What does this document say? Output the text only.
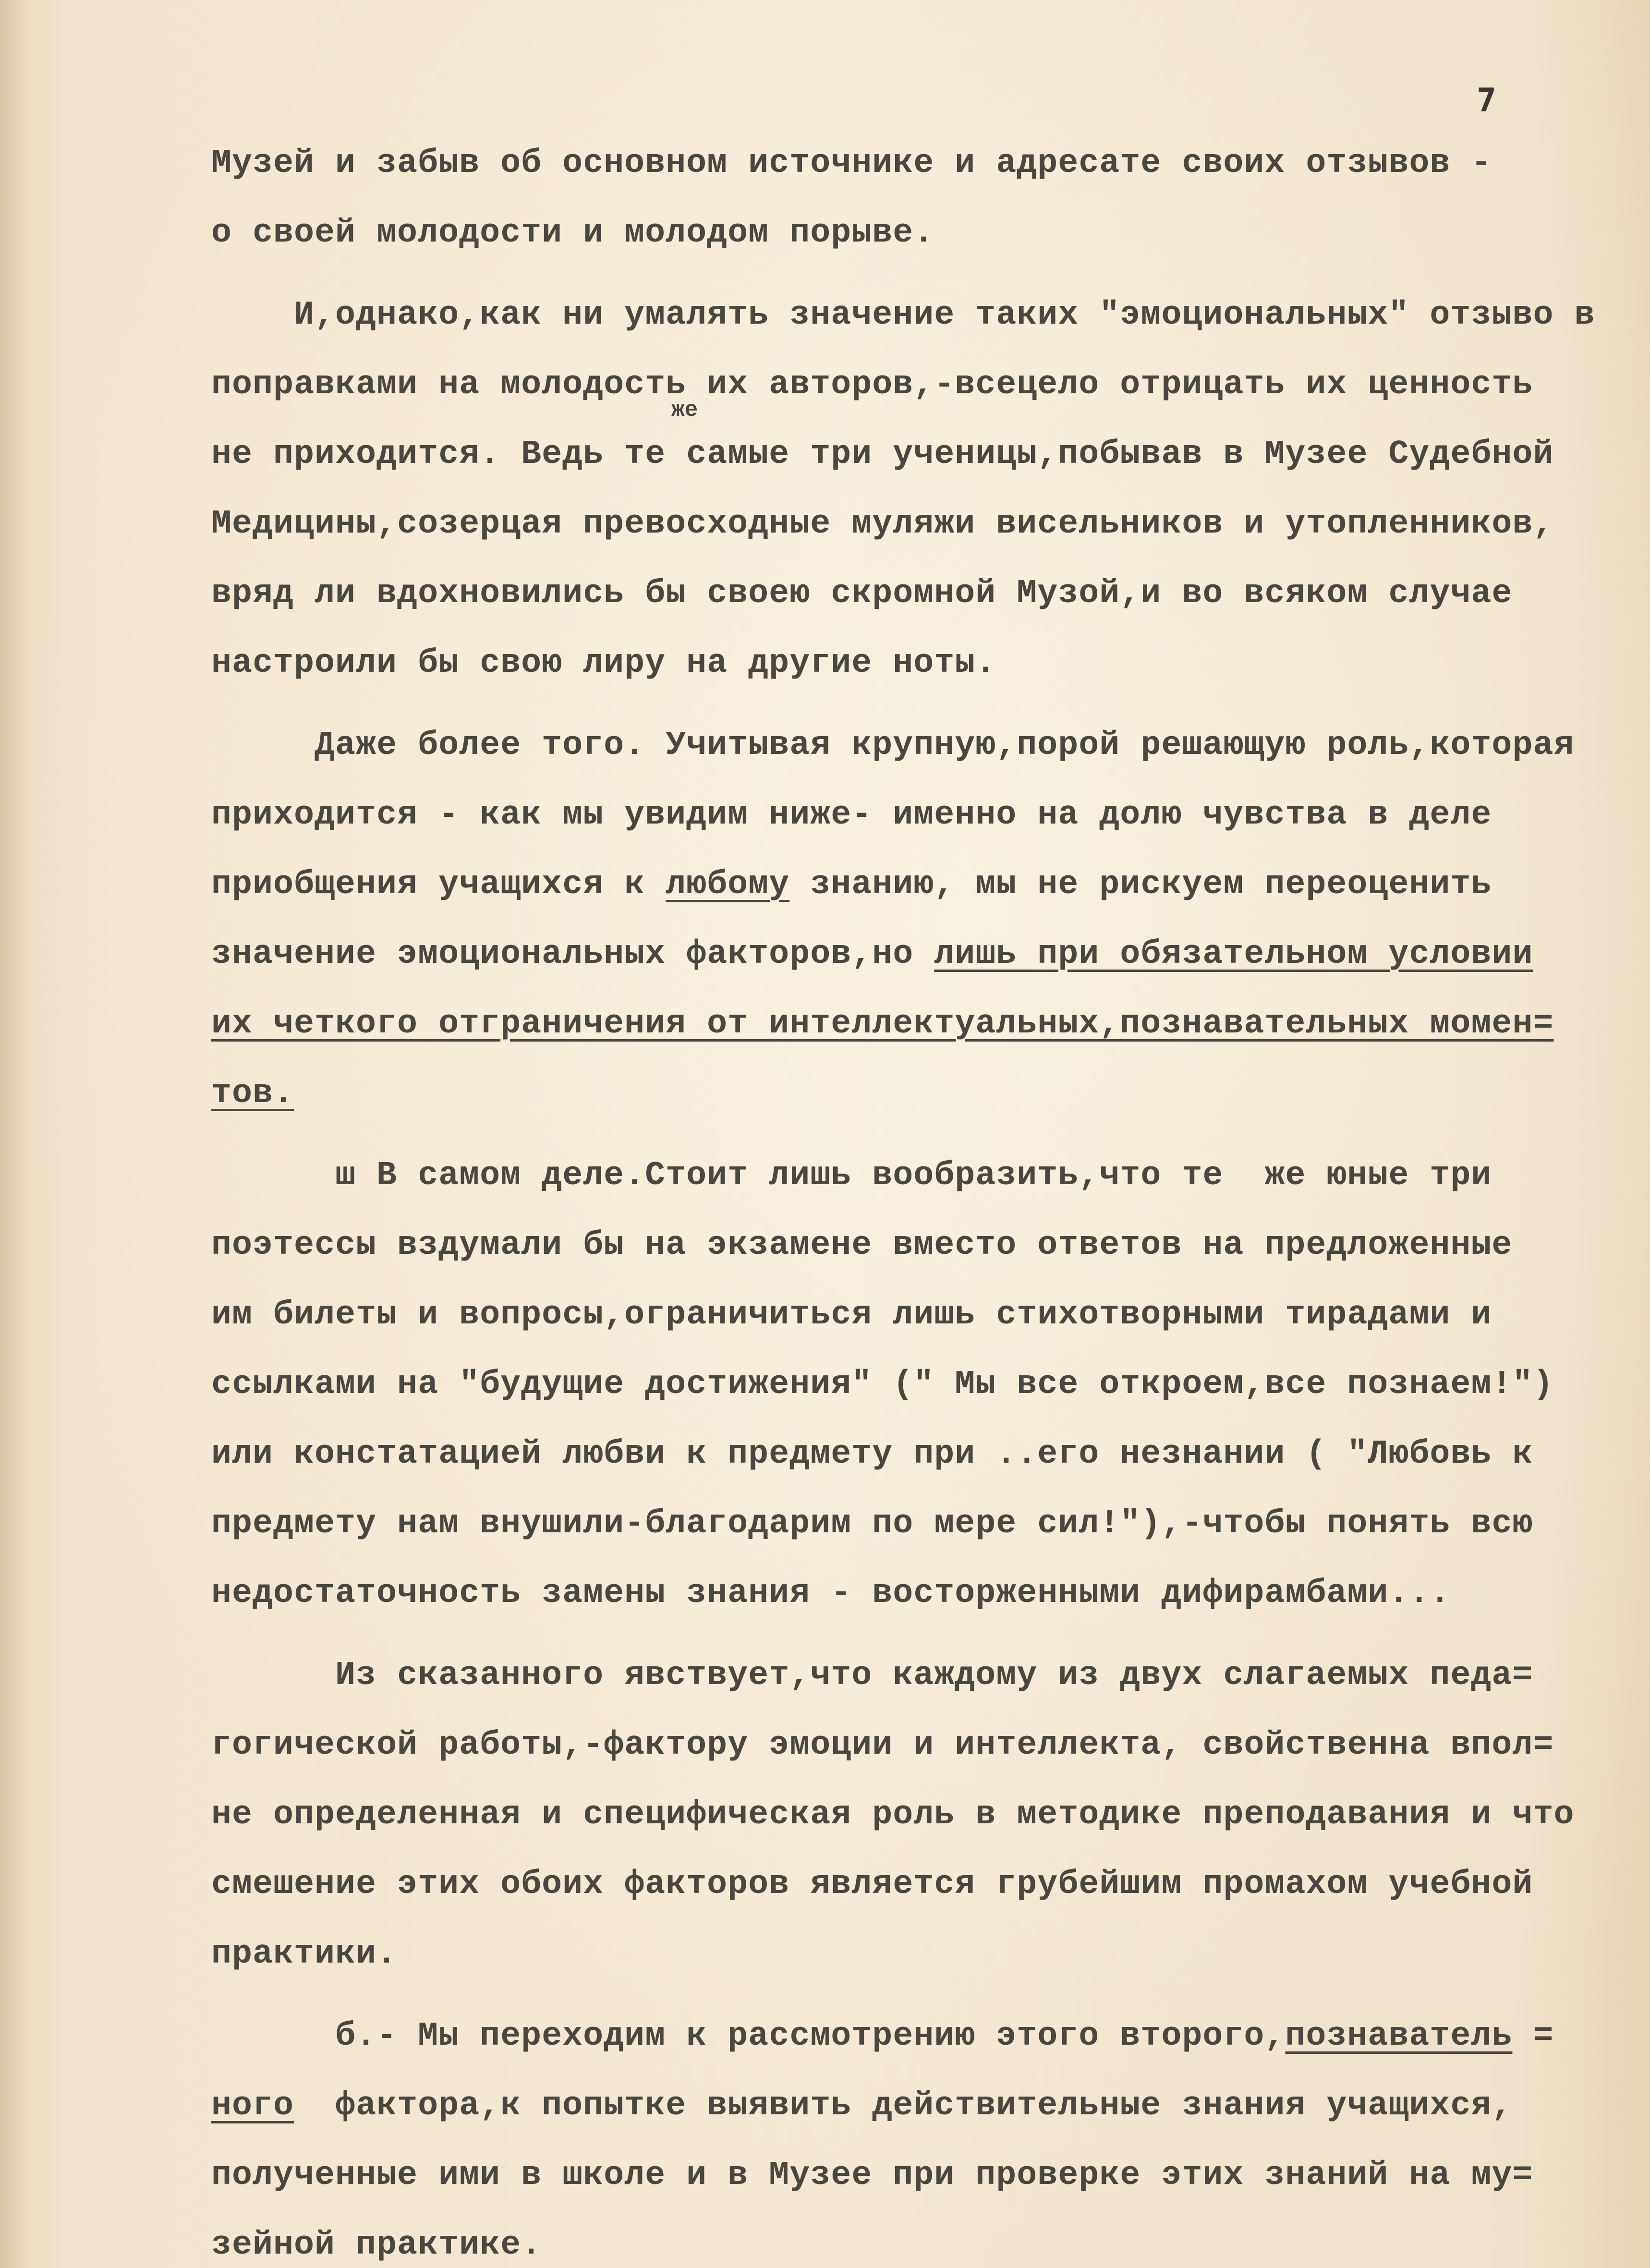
7
же
Музей и забыв об основном источнике и адресате своих отзывов -
о своей молодости и молодом порыве.
И,однако,как ни умалять значение таких "эмоциональных" отзыво в
поправками на молодость их авторов,-всецело отрицать их ценность
не приходится. Ведь те самые три ученицы,побывав в Музее Судебной
Медицины,созерцая превосходные муляжи висельников и утопленников,
вряд ли вдохновились бы своею скромной Музой,и во всяком случае
настроили бы свою лиру на другие ноты.
Даже более того. Учитывая крупную,порой решающую роль,которая
приходится - как мы увидим ниже- именно на долю чувства в деле
приобщения учащихся к любому знанию, мы не рискуем переоценить
значение эмоциональных факторов,но лишь при обязательном условии
их четкого отграничения от интеллектуальных,познавательных момен=
тов.
ш В самом деле.Стоит лишь вообразить,что те  же юные три
поэтессы вздумали бы на экзамене вместо ответов на предложенные
им билеты и вопросы,ограничиться лишь стихотворными тирадами и
ссылками на "будущие достижения" (" Мы все откроем,все познаем!")
или констатацией любви к предмету при ..его незнании ( "Любовь к
предмету нам внушили-благодарим по мере сил!"),-чтобы понять всю
недостаточность замены знания - восторженными дифирамбами...
Из сказанного явствует,что каждому из двух слагаемых педа=
гогической работы,-фактору эмоции и интеллекта, свойственна впол=
не определенная и специфическая роль в методике преподавания и что
смешение этих обоих факторов является грубейшим промахом учебной
практики.
б.- Мы переходим к рассмотрению этого второго,познаватель =
ного  фактора,к попытке выявить действительные знания учащихся,
полученные ими в школе и в Музее при проверке этих знаний на му=
зейной практике.
